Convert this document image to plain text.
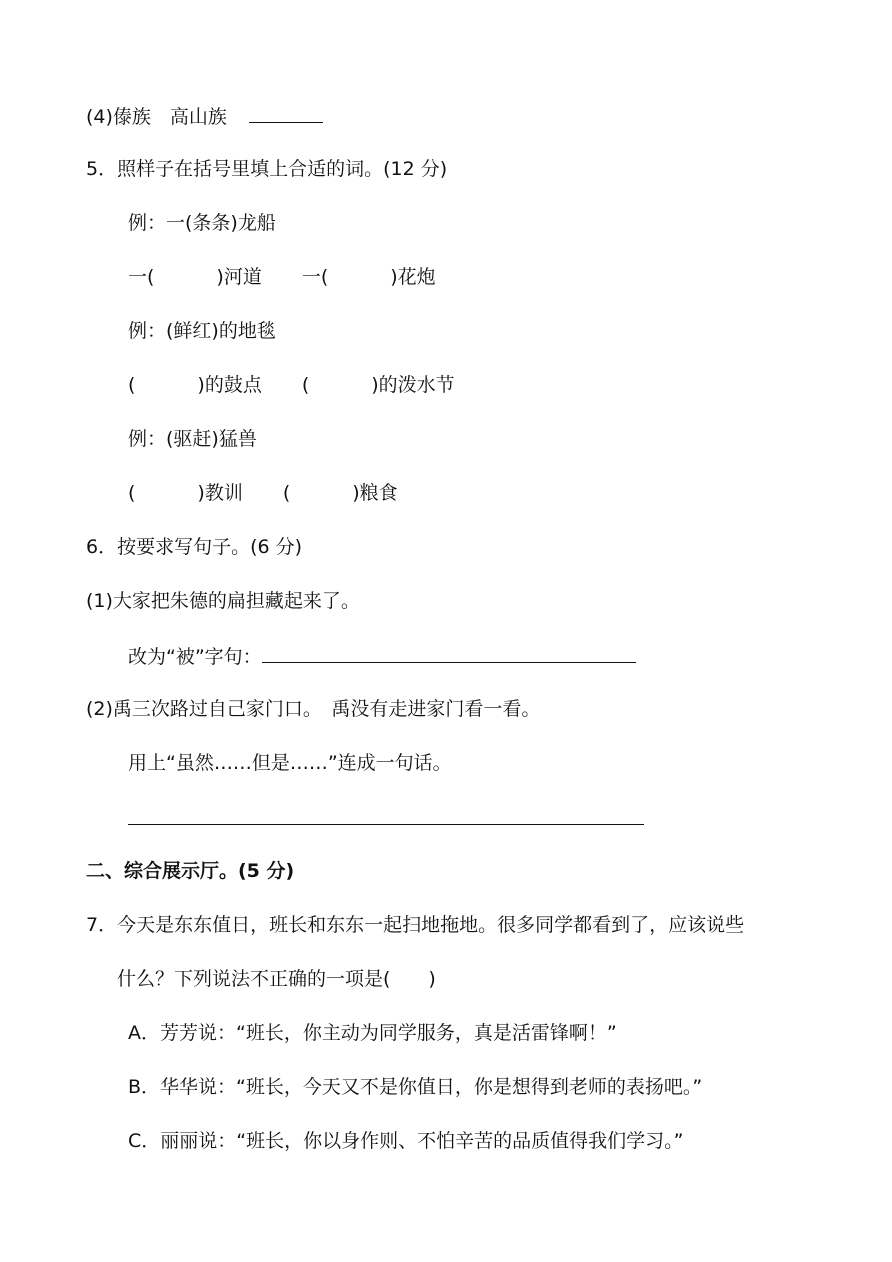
(4)傣族　高山族
5．照样子在括号里填上合适的词。(12 分)
例：一(条条)龙船
一(	)河道 一(	)花炮
例：(鲜红)的地毯
(	)的鼓点 (	)的泼水节
例：(驱赶)猛兽
(	)教训 (	)粮食
6．按要求写句子。(6 分)
(1)大家把朱德的扁担藏起来了。
改为“被”字句：
(2)禹三次路过自己家门口。　禹没有走进家门看一看。
用上“虽然……但是……”连成一句话。
二、综合展示厅。(5 分)
7．今天是东东值日，班长和东东一起扫地拖地。很多同学都看到了，应该说些
什么？下列说法不正确的一项是(　　)
A．芳芳说：“班长，你主动为同学服务，真是活雷锋啊！”
B．华华说：“班长，今天又不是你值日，你是想得到老师的表扬吧。”
C．丽丽说：“班长，你以身作则、不怕辛苦的品质值得我们学习。”
